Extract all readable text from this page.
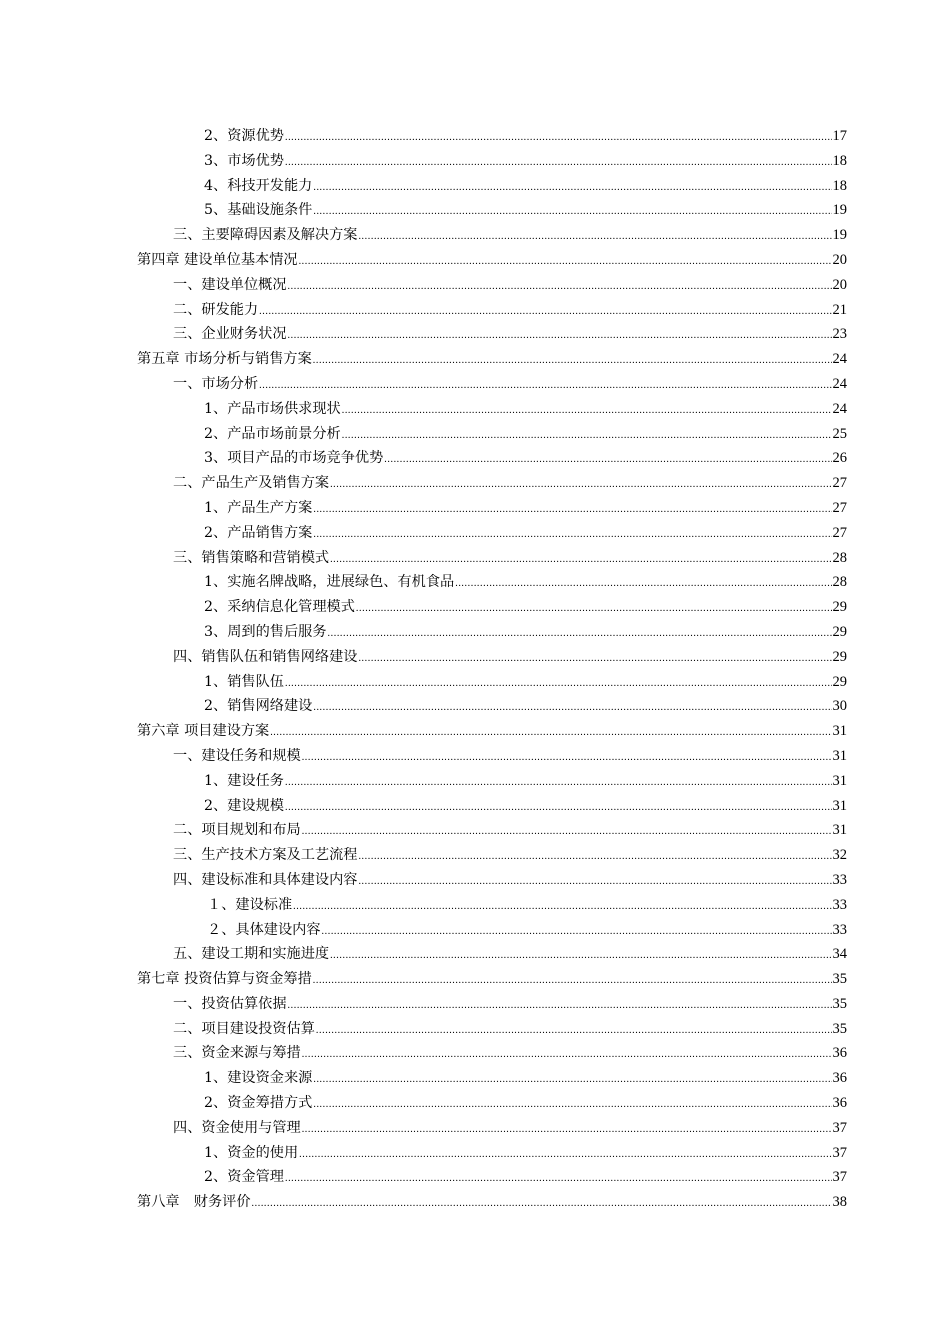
2、资源优势 .....	17
3、市场优势 .....	18
4、科技开发能力 .....	18
5、基础设施条件 .....	19
三、主要障碍因素及解决方案 .....	19
第四章 建设单位基本情况 .....	20
一、建设单位概况 .....	20
二、研发能力 .....	21
三、企业财务状况 .....	23
第五章 市场分析与销售方案 .....	24
一、市场分析 .....	24
1、产品市场供求现状 .....	24
2、产品市场前景分析 .....	25
3、项目产品的市场竞争优势 .....	26
二、产品生产及销售方案 .....	27
1、产品生产方案 .....	27
2、产品销售方案 .....	27
三、销售策略和营销模式 .....	28
1、实施名牌战略，进展绿色、有机食品 .....	28
2、采纳信息化管理模式 .....	29
3、周到的售后服务 .....	29
四、销售队伍和销售网络建设 .....	29
1、销售队伍 .....	29
2、销售网络建设 .....	30
第六章 项目建设方案 .....	31
一、建设任务和规模 .....	31
1、建设任务 .....	31
2、建设规模 .....	31
二、项目规划和布局 .....	31
三、生产技术方案及工艺流程 .....	32
四、建设标准和具体建设内容 .....	33
１、建设标准 .....	33
２、具体建设内容 .....	33
五、建设工期和实施进度 .....	34
第七章 投资估算与资金筹措 .....	35
一、投资估算依据 .....	35
二、项目建设投资估算 .....	35
三、资金来源与筹措 .....	36
1、建设资金来源 .....	36
2、资金筹措方式 .....	36
四、资金使用与管理 .....	37
1、资金的使用 .....	37
2、资金管理 .....	37
第八章　财务评价 .....	38
